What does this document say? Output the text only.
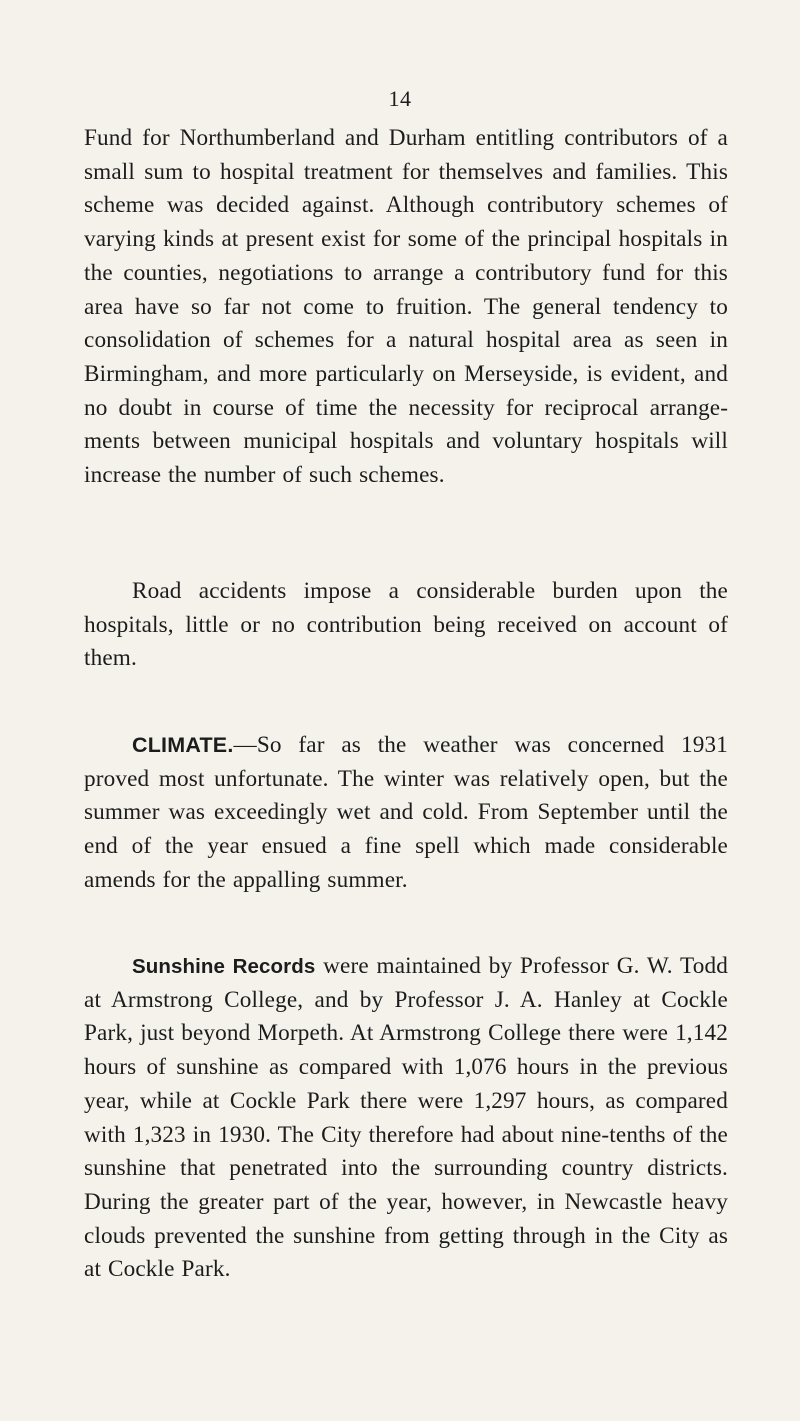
14

Fund for Northumberland and Durham entitling contributors of a small sum to hospital treatment for themselves and families. This scheme was decided against. Although contributory schemes of varying kinds at present exist for some of the principal hospitals in the counties, negotiations to arrange a contributory fund for this area have so far not come to fruition. The general tendency to consolidation of schemes for a natural hospital area as seen in Birmingham, and more particularly on Merseyside, is evident, and no doubt in course of time the necessity for reciprocal arrangements between municipal hospitals and voluntary hospitals will increase the number of such schemes.

Road accidents impose a considerable burden upon the hospitals, little or no contribution being received on account of them.

CLIMATE.—So far as the weather was concerned 1931 proved most unfortunate. The winter was relatively open, but the summer was exceedingly wet and cold. From September until the end of the year ensued a fine spell which made considerable amends for the appalling summer.

Sunshine Records were maintained by Professor G. W. Todd at Armstrong College, and by Professor J. A. Hanley at Cockle Park, just beyond Morpeth. At Armstrong College there were 1,142 hours of sunshine as compared with 1,076 hours in the previous year, while at Cockle Park there were 1,297 hours, as compared with 1,323 in 1930. The City therefore had about nine-tenths of the sunshine that penetrated into the surrounding country districts. During the greater part of the year, however, in Newcastle heavy clouds prevented the sunshine from getting through in the City as at Cockle Park.
